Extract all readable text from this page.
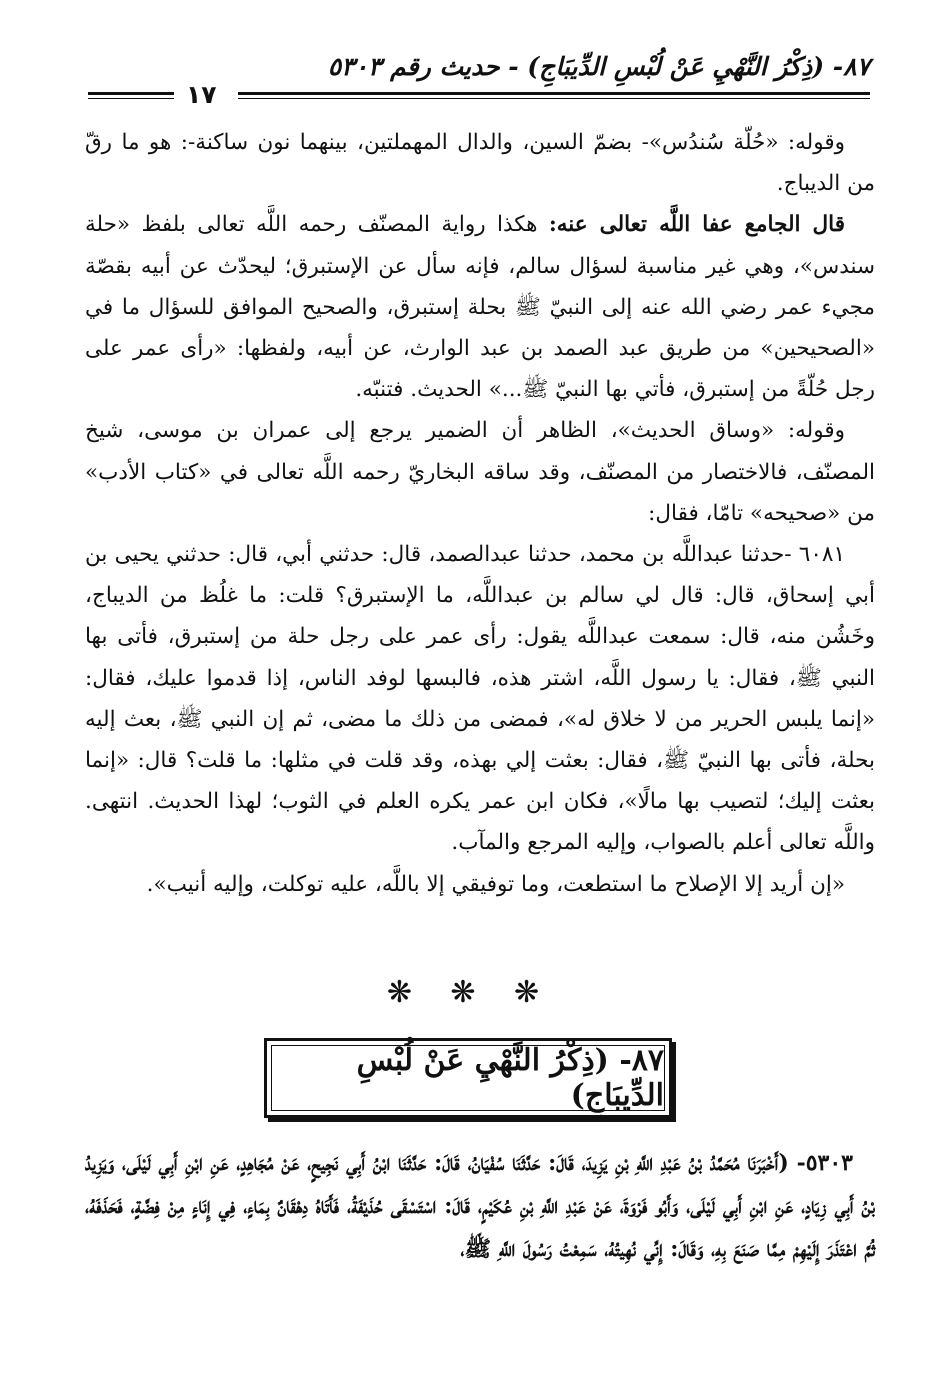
٨٧- (ذِكْرُ النَّهْيِ عَنْ لُبْسِ الدِّيبَاجِ) - حديث رقم ٥٣٠٣
١٧

وقوله: «حُلّة سُندُس»- بضمّ السين، والدال المهملتين، بينهما نون ساكنة-: هو ما رقّ من الديباج.

قال الجامع عفا اللَّه تعالى عنه: هكذا رواية المصنّف رحمه اللَّه تعالى بلفظ «حلة سندس»، وهي غير مناسبة لسؤال سالم، فإنه سأل عن الإستبرق؛ ليحدّث عن أبيه بقصّة مجيء عمر رضي الله عنه إلى النبيّ ﷺ بحلة إستبرق، والصحيح الموافق للسؤال ما في «الصحيحين» من طريق عبد الصمد بن عبد الوارث، عن أبيه، ولفظها: «رأى عمر على رجل حُلّةً من إستبرق، فأتي بها النبيّ ﷺ...» الحديث. فتنبّه.

وقوله: «وساق الحديث»، الظاهر أن الضمير يرجع إلى عمران بن موسى، شيخ المصنّف، فالاختصار من المصنّف، وقد ساقه البخاريّ رحمه اللَّه تعالى في «كتاب الأدب» من «صحيحه» تامّا، فقال:

٦٠٨١ -حدثنا عبداللَّه بن محمد، حدثنا عبدالصمد، قال: حدثني أبي، قال: حدثني يحيى بن أبي إسحاق، قال: قال لي سالم بن عبداللَّه، ما الإستبرق؟ قلت: ما غلُظ من الديباج، وخَشُن منه، قال: سمعت عبداللَّه يقول: رأى عمر على رجل حلة من إستبرق، فأتى بها النبي ﷺ، فقال: يا رسول اللَّه، اشتر هذه، فالبسها لوفد الناس، إذا قدموا عليك، فقال: «إنما يلبس الحرير من لا خلاق له»، فمضى من ذلك ما مضى، ثم إن النبي ﷺ، بعث إليه بحلة، فأتى بها النبيّ ﷺ، فقال: بعثت إلي بهذه، وقد قلت في مثلها: ما قلت؟ قال: «إنما بعثت إليك؛ لتصيب بها مالًا»، فكان ابن عمر يكره العلم في الثوب؛ لهذا الحديث. انتهى. واللَّه تعالى أعلم بالصواب، وإليه المرجع والمآب.

«إن أريد إلا الإصلاح ما استطعت، وما توفيقي إلا باللَّه، عليه توكلت، وإليه أنيب».

❋ ❋ ❋
٨٧- (ذِكْرُ النَّهْيِ عَنْ لُبْسِ الدِّيبَاجِ)

٥٣٠٣- (أَخْبَرَنَا مُحَمَّدُ بْنُ عَبْدِ اللَّهِ بْنِ يَزِيدَ، قَالَ: حَدَّثَنَا سُفْيَانُ، قَالَ: حَدَّثَنَا ابْنُ أَبِي نَجِيحٍ، عَنْ مُجَاهِدٍ، عَنِ ابْنِ أَبِي لَيْلَى، وَيَزِيدُ بْنُ أَبِي زِيَادٍ، عَنِ ابْنِ أَبِي لَيْلَى، وَأَبُو فَرْوَةَ، عَنْ عَبْدِ اللَّهِ بْنِ عُكَيْمٍ، قَالَ: اسْتَسْقَى حُذَيْفَةُ، فَأَتَاهُ دِهْقَانٌ بِمَاءٍ، فِي إِنَاءٍ مِنْ فِضَّةٍ، فَحَذَفَهُ، ثُمَّ اعْتَذَرَ إِلَيْهِمْ مِمَّا صَنَعَ بِهِ، وَقَالَ: إِنِّي نُهِيتُهُ، سَمِعْتُ رَسُولَ اللَّهِ ﷺ،
